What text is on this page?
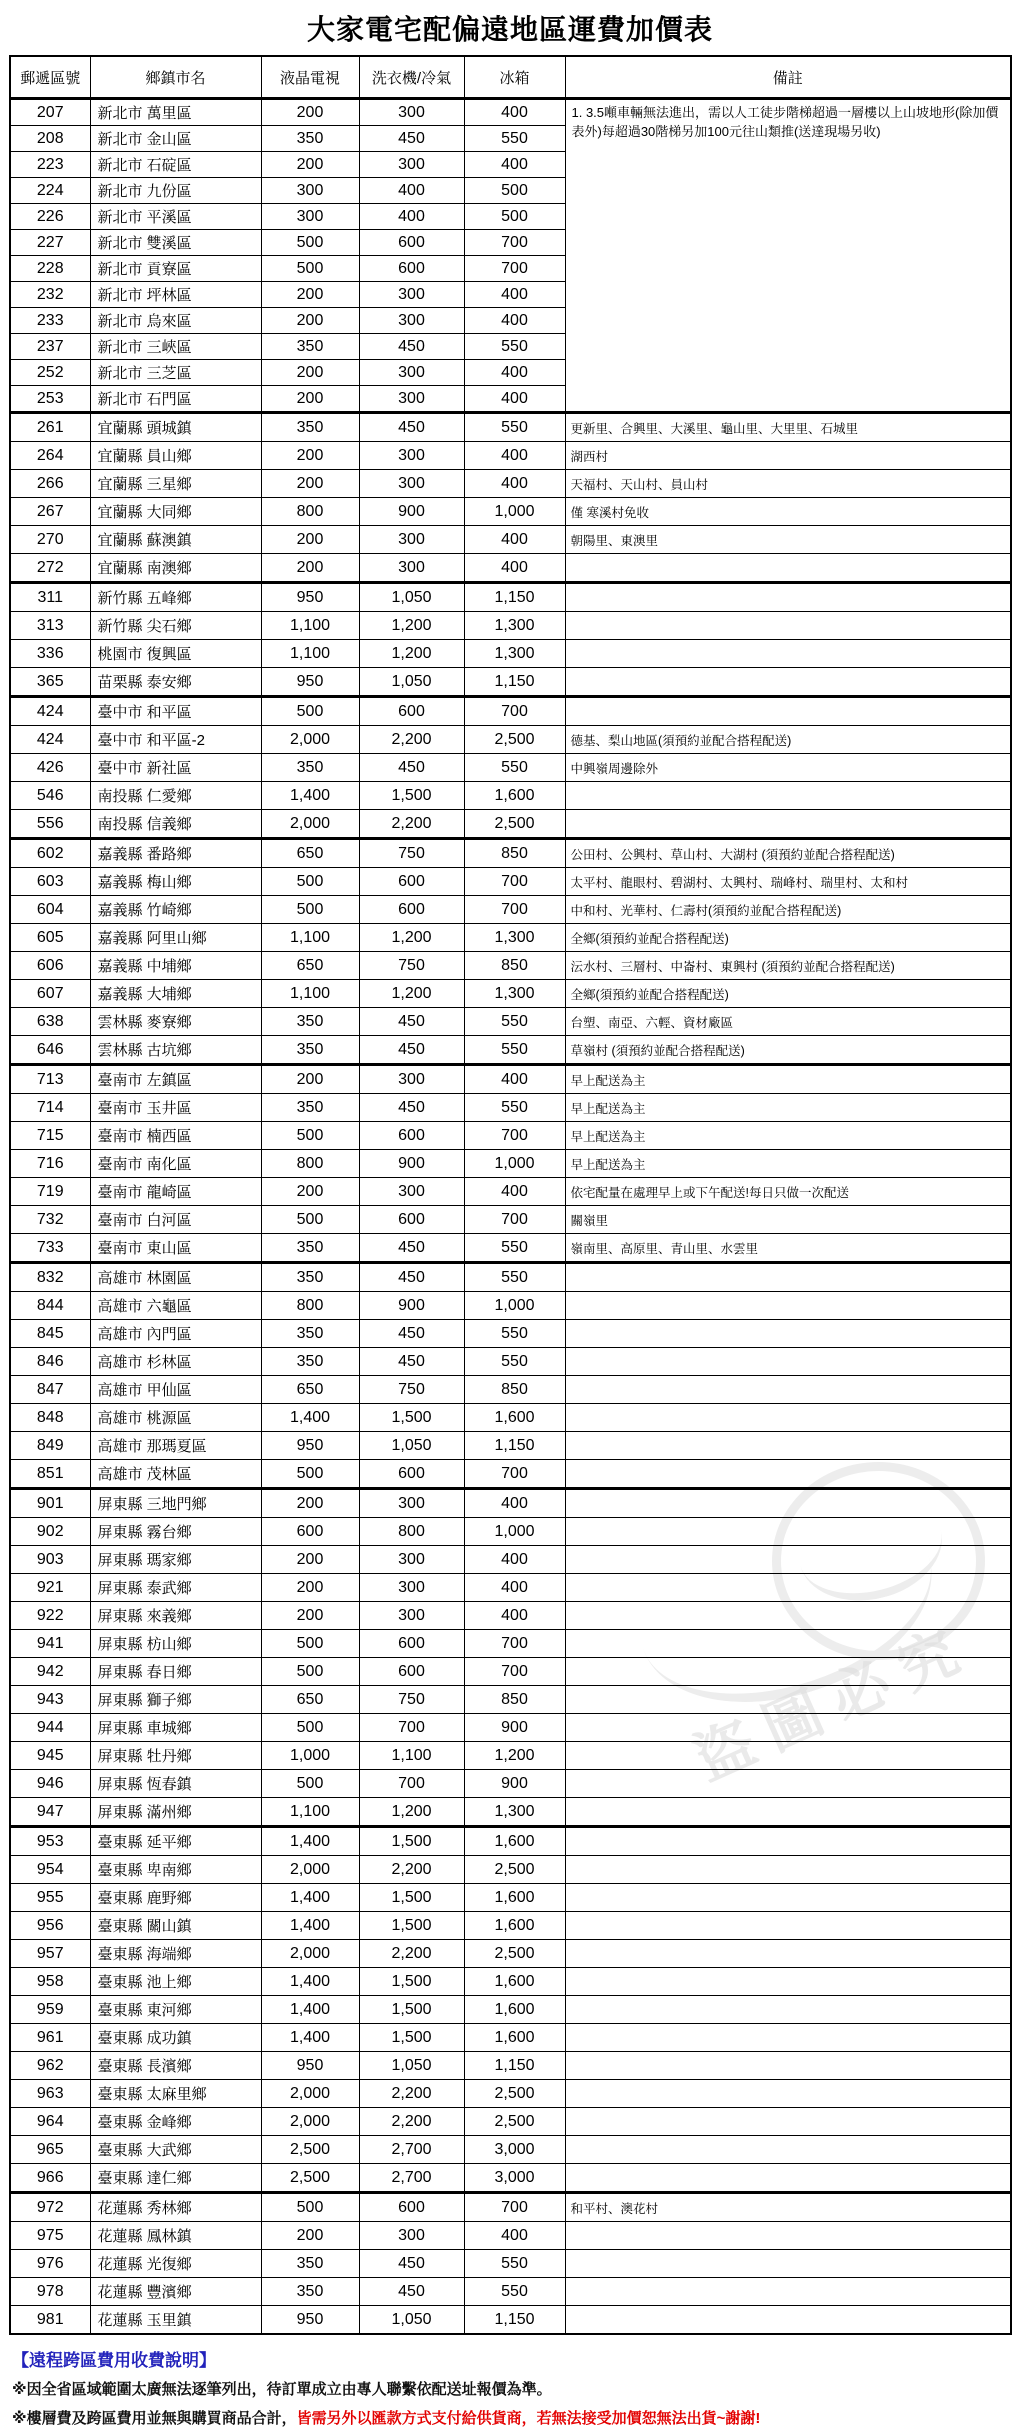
盜圖必究
大家電宅配偏遠地區運費加價表
郵遞區號	鄉鎮市名	液晶電視	洗衣機/冷氣	冰箱	備註
207	新北市 萬里區	200	300	400	1. 3.5噸車輛無法進出，需以人工徒步階梯超過一層樓以上山坡地形(除加價表外)每超過30階梯另加100元往山類推(送達現場另收)
208	新北市 金山區	350	450	550	
223	新北市 石碇區	200	300	400	
224	新北市 九份區	300	400	500	
226	新北市 平溪區	300	400	500	
227	新北市 雙溪區	500	600	700	
228	新北市 貢寮區	500	600	700	
232	新北市 坪林區	200	300	400	
233	新北市 烏來區	200	300	400	
237	新北市 三峽區	350	450	550	
252	新北市 三芝區	200	300	400	
253	新北市 石門區	200	300	400	
261	宜蘭縣 頭城鎮	350	450	550	更新里、合興里、大溪里、龜山里、大里里、石城里
264	宜蘭縣 員山鄉	200	300	400	湖西村
266	宜蘭縣 三星鄉	200	300	400	天福村、天山村、員山村
267	宜蘭縣 大同鄉	800	900	1,000	僅 寒溪村免收
270	宜蘭縣 蘇澳鎮	200	300	400	朝陽里、東澳里
272	宜蘭縣 南澳鄉	200	300	400	
311	新竹縣 五峰鄉	950	1,050	1,150	
313	新竹縣 尖石鄉	1,100	1,200	1,300	
336	桃園市 復興區	1,100	1,200	1,300	
365	苗栗縣 泰安鄉	950	1,050	1,150	
424	臺中市 和平區	500	600	700	
424	臺中市 和平區-2	2,000	2,200	2,500	德基、梨山地區(須預約並配合搭程配送)
426	臺中市 新社區	350	450	550	中興嶺周邊除外
546	南投縣 仁愛鄉	1,400	1,500	1,600	
556	南投縣 信義鄉	2,000	2,200	2,500	
602	嘉義縣 番路鄉	650	750	850	公田村、公興村、草山村、大湖村 (須預約並配合搭程配送)
603	嘉義縣 梅山鄉	500	600	700	太平村、龍眼村、碧湖村、太興村、瑞峰村、瑞里村、太和村
604	嘉義縣 竹崎鄉	500	600	700	中和村、光華村、仁壽村(須預約並配合搭程配送)
605	嘉義縣 阿里山鄉	1,100	1,200	1,300	全鄉(須預約並配合搭程配送)
606	嘉義縣 中埔鄉	650	750	850	沄水村、三層村、中崙村、東興村 (須預約並配合搭程配送)
607	嘉義縣 大埔鄉	1,100	1,200	1,300	全鄉(須預約並配合搭程配送)
638	雲林縣 麥寮鄉	350	450	550	台塑、南亞、六輕、資材廠區
646	雲林縣 古坑鄉	350	450	550	草嶺村 (須預約並配合搭程配送)
713	臺南市 左鎮區	200	300	400	早上配送為主
714	臺南市 玉井區	350	450	550	早上配送為主
715	臺南市 楠西區	500	600	700	早上配送為主
716	臺南市 南化區	800	900	1,000	早上配送為主
719	臺南市 龍崎區	200	300	400	依宅配量在處理早上或下午配送!每日只做一次配送
732	臺南市 白河區	500	600	700	關嶺里
733	臺南市 東山區	350	450	550	嶺南里、高原里、青山里、水雲里
832	高雄市 林園區	350	450	550	
844	高雄市 六龜區	800	900	1,000	
845	高雄市 內門區	350	450	550	
846	高雄市 杉林區	350	450	550	
847	高雄市 甲仙區	650	750	850	
848	高雄市 桃源區	1,400	1,500	1,600	
849	高雄市 那瑪夏區	950	1,050	1,150	
851	高雄市 茂林區	500	600	700	
901	屏東縣 三地門鄉	200	300	400	
902	屏東縣 霧台鄉	600	800	1,000	
903	屏東縣 瑪家鄉	200	300	400	
921	屏東縣 泰武鄉	200	300	400	
922	屏東縣 來義鄉	200	300	400	
941	屏東縣 枋山鄉	500	600	700	
942	屏東縣 春日鄉	500	600	700	
943	屏東縣 獅子鄉	650	750	850	
944	屏東縣 車城鄉	500	700	900	
945	屏東縣 牡丹鄉	1,000	1,100	1,200	
946	屏東縣 恆春鎮	500	700	900	
947	屏東縣 滿州鄉	1,100	1,200	1,300	
953	臺東縣 延平鄉	1,400	1,500	1,600	
954	臺東縣 卑南鄉	2,000	2,200	2,500	
955	臺東縣 鹿野鄉	1,400	1,500	1,600	
956	臺東縣 關山鎮	1,400	1,500	1,600	
957	臺東縣 海端鄉	2,000	2,200	2,500	
958	臺東縣 池上鄉	1,400	1,500	1,600	
959	臺東縣 東河鄉	1,400	1,500	1,600	
961	臺東縣 成功鎮	1,400	1,500	1,600	
962	臺東縣 長濱鄉	950	1,050	1,150	
963	臺東縣 太麻里鄉	2,000	2,200	2,500	
964	臺東縣 金峰鄉	2,000	2,200	2,500	
965	臺東縣 大武鄉	2,500	2,700	3,000	
966	臺東縣 達仁鄉	2,500	2,700	3,000	
972	花蓮縣 秀林鄉	500	600	700	和平村、澳花村
975	花蓮縣 鳳林鎮	200	300	400	
976	花蓮縣 光復鄉	350	450	550	
978	花蓮縣 豐濱鄉	350	450	550	
981	花蓮縣 玉里鎮	950	1,050	1,150	
【遠程跨區費用收費說明】
※因全省區域範圍太廣無法逐筆列出，待訂單成立由專人聯繫依配送址報價為準。
※樓層費及跨區費用並無與購買商品合計，皆需另外以匯款方式支付給供貨商，若無法接受加價恕無法出貨~謝謝!
